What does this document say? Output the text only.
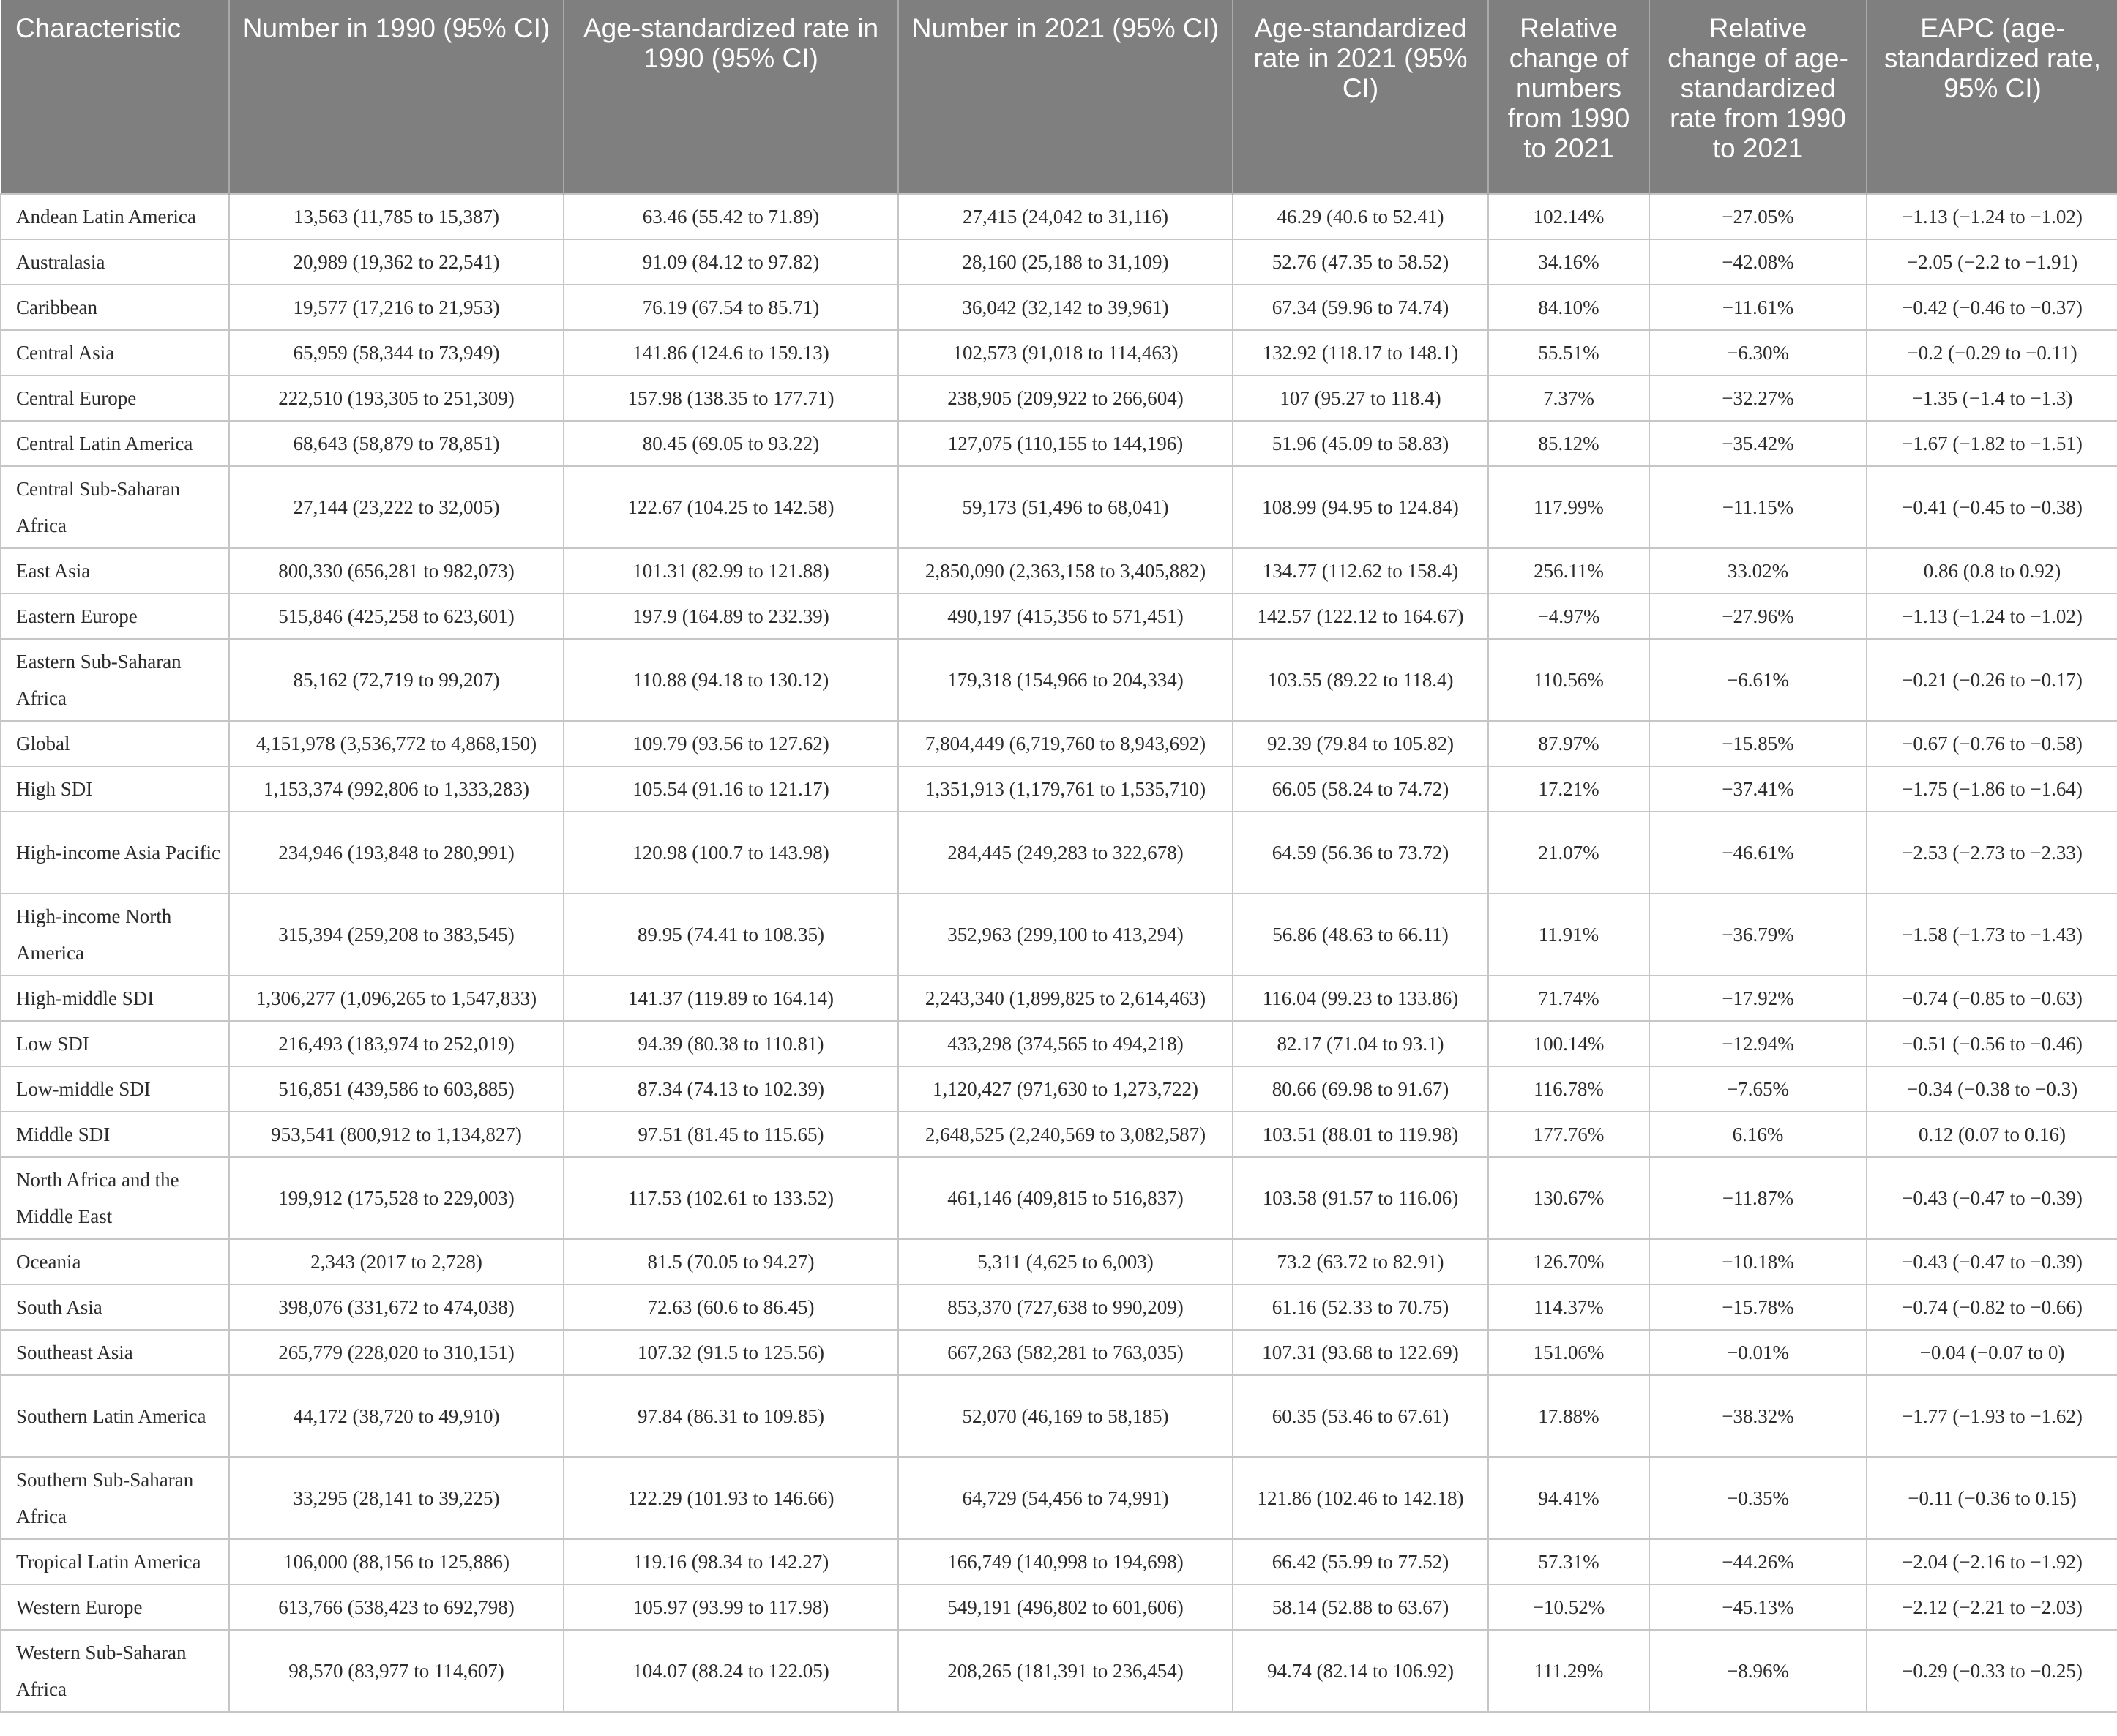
Characteristic	Number in 1990 (95% CI)	Age-standardized rate in 1990 (95% CI)	Number in 2021 (95% CI)	Age-standardized rate in 2021 (95% CI)	Relative change of numbers from 1990 to 2021	Relative change of age-standardized rate from 1990 to 2021	EAPC (age-standardized rate, 95% CI)
Andean Latin America	13,563 (11,785 to 15,387)	63.46 (55.42 to 71.89)	27,415 (24,042 to 31,116)	46.29 (40.6 to 52.41)	102.14%	−27.05%	−1.13 (−1.24 to −1.02)
Australasia	20,989 (19,362 to 22,541)	91.09 (84.12 to 97.82)	28,160 (25,188 to 31,109)	52.76 (47.35 to 58.52)	34.16%	−42.08%	−2.05 (−2.2 to −1.91)
Caribbean	19,577 (17,216 to 21,953)	76.19 (67.54 to 85.71)	36,042 (32,142 to 39,961)	67.34 (59.96 to 74.74)	84.10%	−11.61%	−0.42 (−0.46 to −0.37)
Central Asia	65,959 (58,344 to 73,949)	141.86 (124.6 to 159.13)	102,573 (91,018 to 114,463)	132.92 (118.17 to 148.1)	55.51%	−6.30%	−0.2 (−0.29 to −0.11)
Central Europe	222,510 (193,305 to 251,309)	157.98 (138.35 to 177.71)	238,905 (209,922 to 266,604)	107 (95.27 to 118.4)	7.37%	−32.27%	−1.35 (−1.4 to −1.3)
Central Latin America	68,643 (58,879 to 78,851)	80.45 (69.05 to 93.22)	127,075 (110,155 to 144,196)	51.96 (45.09 to 58.83)	85.12%	−35.42%	−1.67 (−1.82 to −1.51)
Central Sub-Saharan Africa	27,144 (23,222 to 32,005)	122.67 (104.25 to 142.58)	59,173 (51,496 to 68,041)	108.99 (94.95 to 124.84)	117.99%	−11.15%	−0.41 (−0.45 to −0.38)
East Asia	800,330 (656,281 to 982,073)	101.31 (82.99 to 121.88)	2,850,090 (2,363,158 to 3,405,882)	134.77 (112.62 to 158.4)	256.11%	33.02%	0.86 (0.8 to 0.92)
Eastern Europe	515,846 (425,258 to 623,601)	197.9 (164.89 to 232.39)	490,197 (415,356 to 571,451)	142.57 (122.12 to 164.67)	−4.97%	−27.96%	−1.13 (−1.24 to −1.02)
Eastern Sub-Saharan Africa	85,162 (72,719 to 99,207)	110.88 (94.18 to 130.12)	179,318 (154,966 to 204,334)	103.55 (89.22 to 118.4)	110.56%	−6.61%	−0.21 (−0.26 to −0.17)
Global	4,151,978 (3,536,772 to 4,868,150)	109.79 (93.56 to 127.62)	7,804,449 (6,719,760 to 8,943,692)	92.39 (79.84 to 105.82)	87.97%	−15.85%	−0.67 (−0.76 to −0.58)
High SDI	1,153,374 (992,806 to 1,333,283)	105.54 (91.16 to 121.17)	1,351,913 (1,179,761 to 1,535,710)	66.05 (58.24 to 74.72)	17.21%	−37.41%	−1.75 (−1.86 to −1.64)
High-income Asia Pacific	234,946 (193,848 to 280,991)	120.98 (100.7 to 143.98)	284,445 (249,283 to 322,678)	64.59 (56.36 to 73.72)	21.07%	−46.61%	−2.53 (−2.73 to −2.33)
High-income North America	315,394 (259,208 to 383,545)	89.95 (74.41 to 108.35)	352,963 (299,100 to 413,294)	56.86 (48.63 to 66.11)	11.91%	−36.79%	−1.58 (−1.73 to −1.43)
High-middle SDI	1,306,277 (1,096,265 to 1,547,833)	141.37 (119.89 to 164.14)	2,243,340 (1,899,825 to 2,614,463)	116.04 (99.23 to 133.86)	71.74%	−17.92%	−0.74 (−0.85 to −0.63)
Low SDI	216,493 (183,974 to 252,019)	94.39 (80.38 to 110.81)	433,298 (374,565 to 494,218)	82.17 (71.04 to 93.1)	100.14%	−12.94%	−0.51 (−0.56 to −0.46)
Low-middle SDI	516,851 (439,586 to 603,885)	87.34 (74.13 to 102.39)	1,120,427 (971,630 to 1,273,722)	80.66 (69.98 to 91.67)	116.78%	−7.65%	−0.34 (−0.38 to −0.3)
Middle SDI	953,541 (800,912 to 1,134,827)	97.51 (81.45 to 115.65)	2,648,525 (2,240,569 to 3,082,587)	103.51 (88.01 to 119.98)	177.76%	6.16%	0.12 (0.07 to 0.16)
North Africa and the Middle East	199,912 (175,528 to 229,003)	117.53 (102.61 to 133.52)	461,146 (409,815 to 516,837)	103.58 (91.57 to 116.06)	130.67%	−11.87%	−0.43 (−0.47 to −0.39)
Oceania	2,343 (2017 to 2,728)	81.5 (70.05 to 94.27)	5,311 (4,625 to 6,003)	73.2 (63.72 to 82.91)	126.70%	−10.18%	−0.43 (−0.47 to −0.39)
South Asia	398,076 (331,672 to 474,038)	72.63 (60.6 to 86.45)	853,370 (727,638 to 990,209)	61.16 (52.33 to 70.75)	114.37%	−15.78%	−0.74 (−0.82 to −0.66)
Southeast Asia	265,779 (228,020 to 310,151)	107.32 (91.5 to 125.56)	667,263 (582,281 to 763,035)	107.31 (93.68 to 122.69)	151.06%	−0.01%	−0.04 (−0.07 to 0)
Southern Latin America	44,172 (38,720 to 49,910)	97.84 (86.31 to 109.85)	52,070 (46,169 to 58,185)	60.35 (53.46 to 67.61)	17.88%	−38.32%	−1.77 (−1.93 to −1.62)
Southern Sub-Saharan Africa	33,295 (28,141 to 39,225)	122.29 (101.93 to 146.66)	64,729 (54,456 to 74,991)	121.86 (102.46 to 142.18)	94.41%	−0.35%	−0.11 (−0.36 to 0.15)
Tropical Latin America	106,000 (88,156 to 125,886)	119.16 (98.34 to 142.27)	166,749 (140,998 to 194,698)	66.42 (55.99 to 77.52)	57.31%	−44.26%	−2.04 (−2.16 to −1.92)
Western Europe	613,766 (538,423 to 692,798)	105.97 (93.99 to 117.98)	549,191 (496,802 to 601,606)	58.14 (52.88 to 63.67)	−10.52%	−45.13%	−2.12 (−2.21 to −2.03)
Western Sub-Saharan Africa	98,570 (83,977 to 114,607)	104.07 (88.24 to 122.05)	208,265 (181,391 to 236,454)	94.74 (82.14 to 106.92)	111.29%	−8.96%	−0.29 (−0.33 to −0.25)
